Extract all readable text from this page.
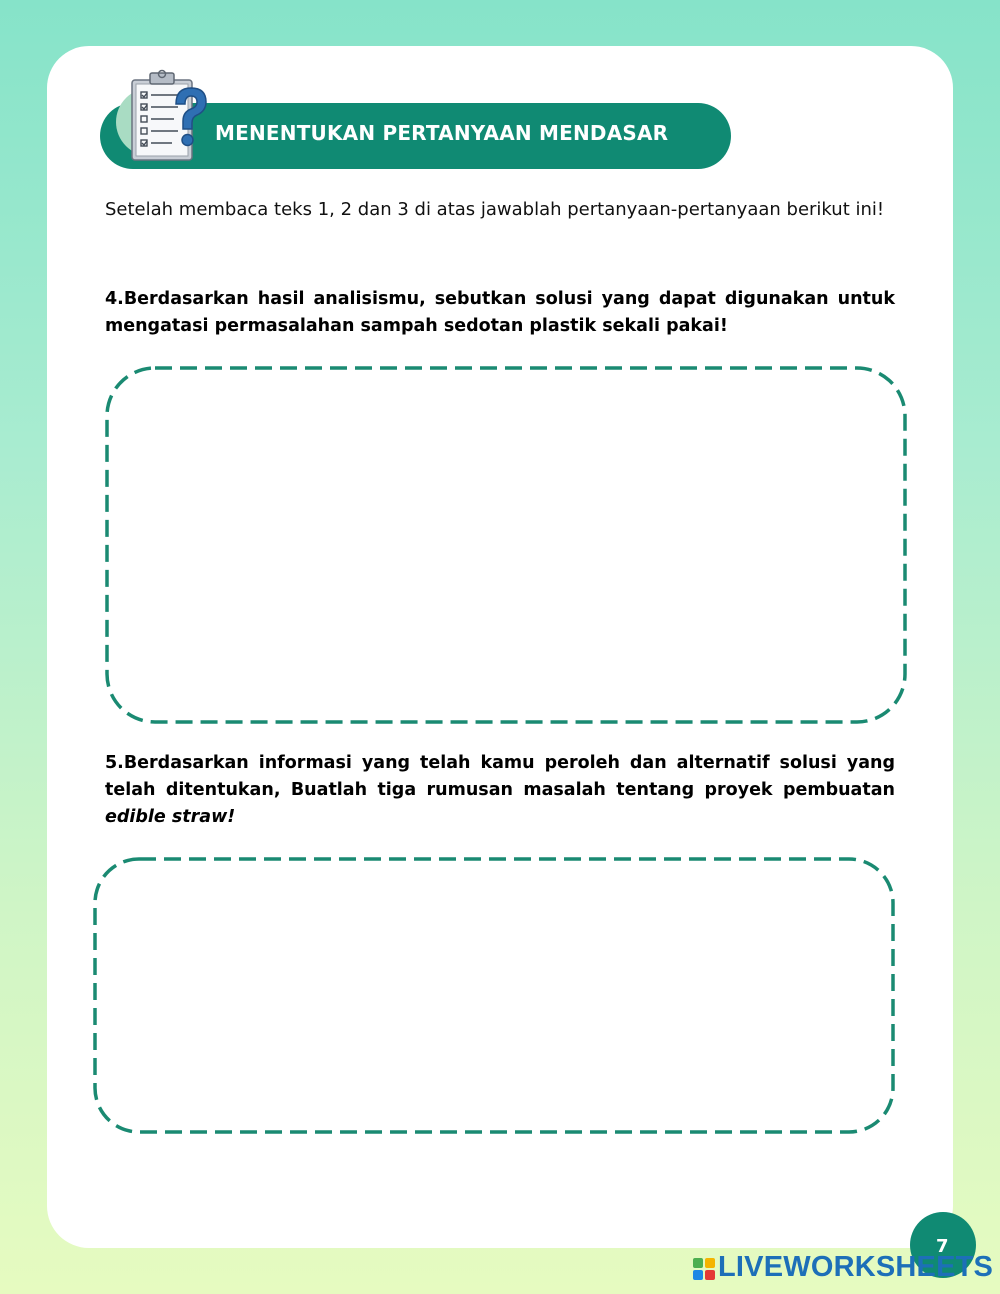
MENENTUKAN PERTANYAAN MENDASAR

Setelah membaca teks 1, 2 dan 3 di atas jawablah pertanyaan-pertanyaan berikut ini!

4.Berdasarkan hasil analisismu, sebutkan solusi yang dapat digunakan untuk mengatasi permasalahan sampah sedotan plastik sekali pakai!

5.Berdasarkan informasi yang telah kamu peroleh dan alternatif solusi yang telah ditentukan, Buatlah tiga rumusan masalah tentang proyek pembuatan edible straw!

7
LIVEWORKSHEETS
